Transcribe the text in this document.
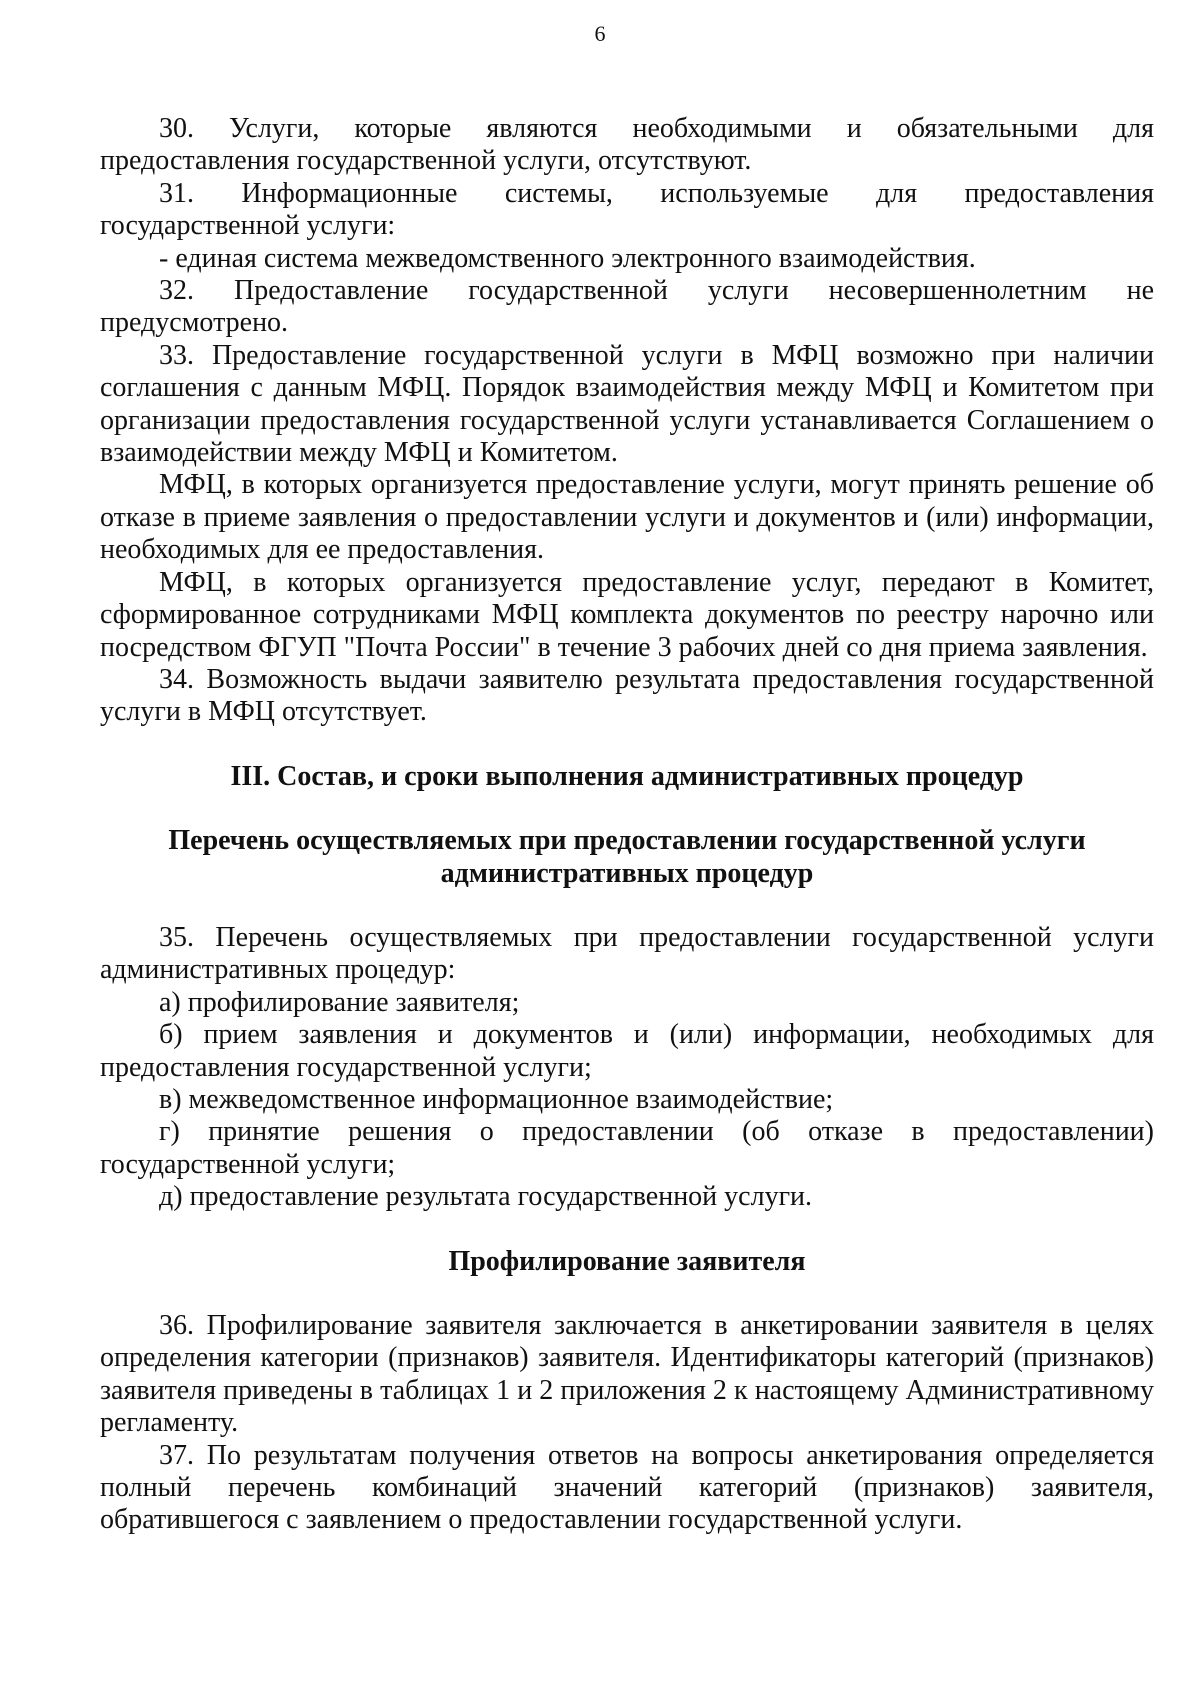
6

30. Услуги, которые являются необходимыми и обязательными для предоставления государственной услуги, отсутствуют.

31. Информационные системы, используемые для предоставления государственной услуги:

- единая система межведомственного электронного взаимодействия.

32. Предоставление государственной услуги несовершеннолетним не предусмотрено.

33. Предоставление государственной услуги в МФЦ возможно при наличии соглашения с данным МФЦ. Порядок взаимодействия между МФЦ и Комитетом при организации предоставления государственной услуги устанавливается Соглашением о взаимодействии между МФЦ и Комитетом.

МФЦ, в которых организуется предоставление услуги, могут принять решение об отказе в приеме заявления о предоставлении услуги и документов и (или) информации, необходимых для ее предоставления.

МФЦ, в которых организуется предоставление услуг, передают в Комитет, сформированное сотрудниками МФЦ комплекта документов по реестру нарочно или посредством ФГУП "Почта России" в течение 3 рабочих дней со дня приема заявления.

34. Возможность выдачи заявителю результата предоставления государственной услуги в МФЦ отсутствует.

III. Состав, и сроки выполнения административных процедур

Перечень осуществляемых при предоставлении государственной услуги административных процедур

35. Перечень осуществляемых при предоставлении государственной услуги административных процедур:

а) профилирование заявителя;

б) прием заявления и документов и (или) информации, необходимых для предоставления государственной услуги;

в) межведомственное информационное взаимодействие;

г) принятие решения о предоставлении (об отказе в предоставлении) государственной услуги;

д) предоставление результата государственной услуги.

Профилирование заявителя

36. Профилирование заявителя заключается в анкетировании заявителя в целях определения категории (признаков) заявителя. Идентификаторы категорий (признаков) заявителя приведены в таблицах 1 и 2 приложения 2 к настоящему Административному регламенту.

37. По результатам получения ответов на вопросы анкетирования определяется полный перечень комбинаций значений категорий (признаков) заявителя, обратившегося с заявлением о предоставлении государственной услуги.
